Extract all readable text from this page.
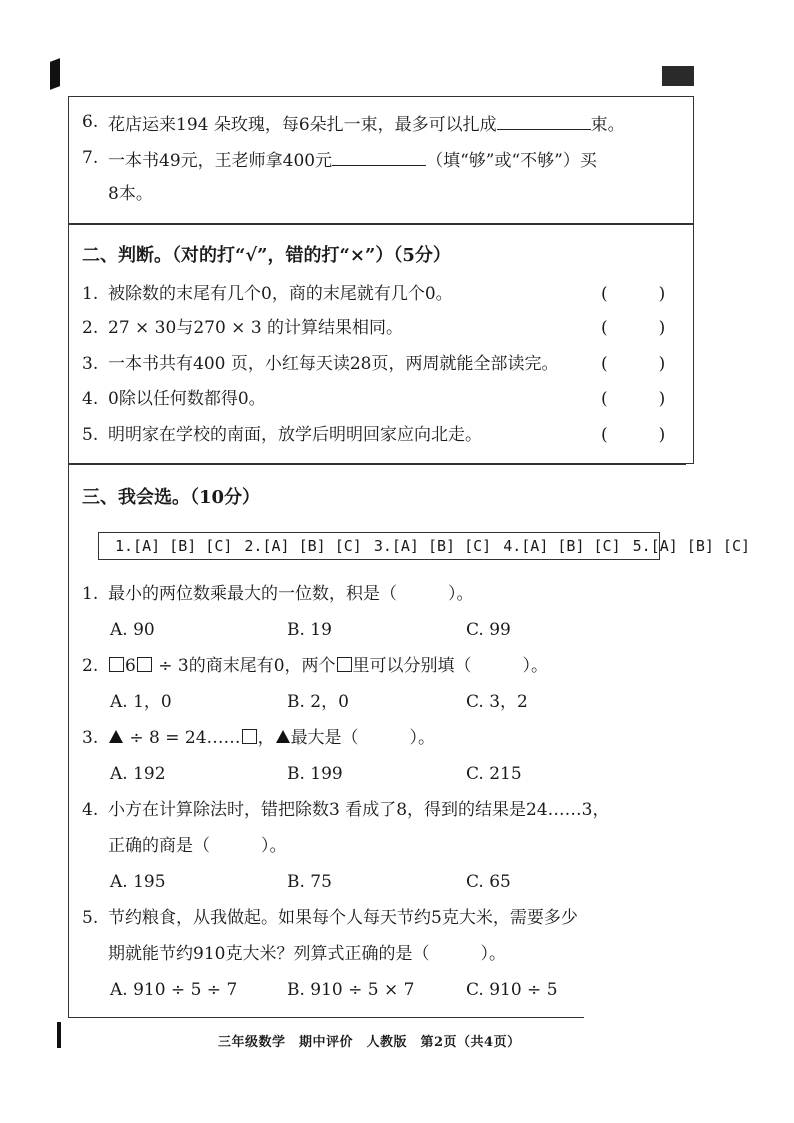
6. 花店运来194 朵玫瑰，每6朵扎一束，最多可以扎成	束。
7. 一本书49元，王老师拿400元	（填“够”或“不够”）买
8本。
二、判断。（对的打“√”，错的打“×”）（5分）
1. 被除数的末尾有几个0，商的末尾就有几个0。	(　　　)
2. 27 × 30与270 × 3 的计算结果相同。	(　　　)
3. 一本书共有400 页，小红每天读28页，两周就能全部读完。	(　　　)
4. 0除以任何数都得0。	(　　　)
5. 明明家在学校的南面，放学后明明回家应向北走。	(　　　)
三、我会选。（10分）
1.[A] [B] [C] 2.[A] [B] [C] 3.[A] [B] [C] 4.[A] [B] [C] 5.[A] [B] [C]
1. 最小的两位数乘最大的一位数，积是（　　　）。
A. 90	B. 19	C. 99
2.	6 ÷ 3的商末尾有0，两个 里可以分别填（　　　）。
A. 1，0	B. 2，0	C. 3，2
3.	÷ 8 = 24…… ， 最大是（　　　）。
A. 192	B. 199	C. 215
4. 小方在计算除法时，错把除数3 看成了8，得到的结果是24……3，
正确的商是（　　　）。
A. 195	B. 75	C. 65
5. 节约粮食，从我做起。如果每个人每天节约5克大米，需要多少
期就能节约910克大米？列算式正确的是（　　　）。
A. 910 ÷ 5 ÷ 7	B. 910 ÷ 5 × 7	C. 910 ÷ 5
三年级数学　期中评价　人教版　第2页（共4页）
